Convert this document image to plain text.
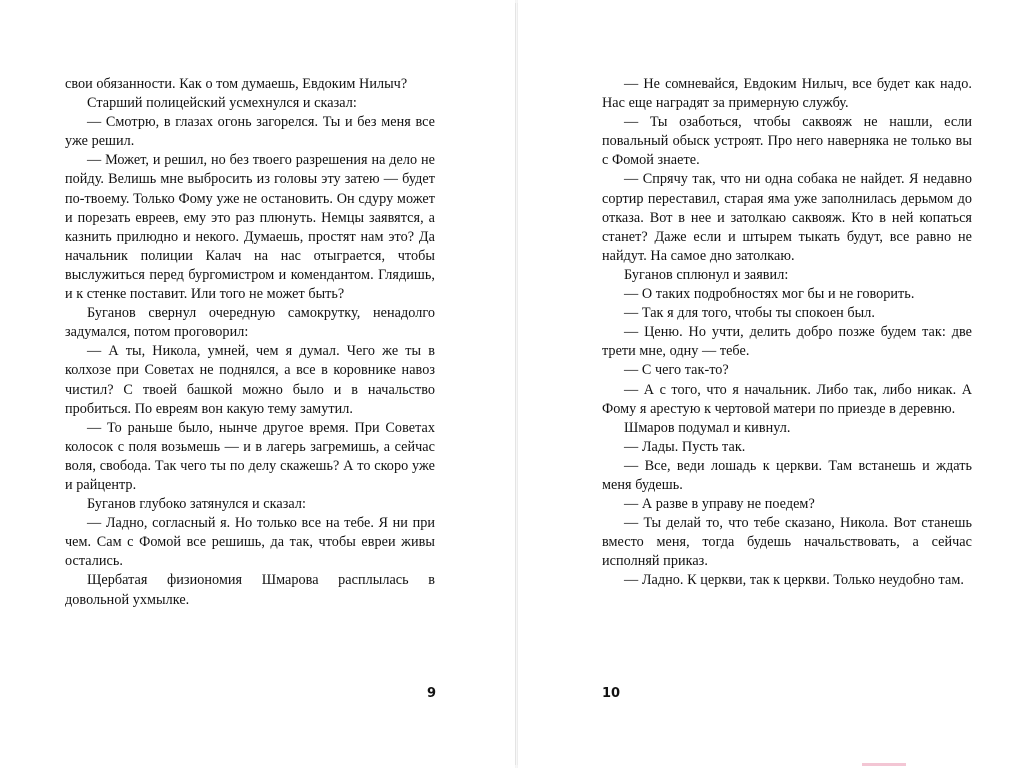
свои обязанности. Как о том думаешь, Евдоким Нилыч?

Старший полицейский усмехнулся и сказал:

— Смотрю, в глазах огонь загорелся. Ты и без меня все уже решил.

— Может, и решил, но без твоего разрешения на дело не пойду. Велишь мне выбросить из головы эту затею — будет по-твоему. Только Фому уже не остановить. Он сдуру может и порезать евреев, ему это раз плюнуть. Немцы заявятся, а казнить прилюдно и некого. Думаешь, простят нам это? Да начальник полиции Калач на нас отыграется, чтобы выслужиться перед бургомистром и комендантом. Глядишь, и к стенке поставит. Или того не может быть?

Буганов свернул очередную самокрутку, ненадолго задумался, потом проговорил:

— А ты, Никола, умней, чем я думал. Чего же ты в колхозе при Советах не поднялся, а все в коровнике навоз чистил? С твоей башкой можно было и в начальство пробиться. По евреям вон какую тему замутил.

— То раньше было, нынче другое время. При Советах колосок с поля возьмешь — и в лагерь загремишь, а сейчас воля, свобода. Так чего ты по делу скажешь? А то скоро уже и райцентр.

Буганов глубоко затянулся и сказал:

— Ладно, согласный я. Но только все на тебе. Я ни при чем. Сам с Фомой все решишь, да так, чтобы евреи живы остались.

Щербатая физиономия Шмарова расплылась в довольной ухмылке.

9

— Не сомневайся, Евдоким Нилыч, все будет как надо. Нас еще наградят за примерную службу.

— Ты озаботься, чтобы саквояж не нашли, если повальный обыск устроят. Про него наверняка не только вы с Фомой знаете.

— Спрячу так, что ни одна собака не найдет. Я недавно сортир переставил, старая яма уже заполнилась дерьмом до отказа. Вот в нее и затолкаю саквояж. Кто в ней копаться станет? Даже если и штырем тыкать будут, все равно не найдут. На самое дно затолкаю.

Буганов сплюнул и заявил:

— О таких подробностях мог бы и не говорить.

— Так я для того, чтобы ты спокоен был.

— Ценю. Но учти, делить добро позже будем так: две трети мне, одну — тебе.

— С чего так-то?

— А с того, что я начальник. Либо так, либо никак. А Фому я арестую к чертовой матери по приезде в деревню.

Шмаров подумал и кивнул.

— Лады. Пусть так.

— Все, веди лошадь к церкви. Там встанешь и ждать меня будешь.

— А разве в управу не поедем?

— Ты делай то, что тебе сказано, Никола. Вот станешь вместо меня, тогда будешь начальствовать, а сейчас исполняй приказ.

— Ладно. К церкви, так к церкви. Только неудобно там.

10
